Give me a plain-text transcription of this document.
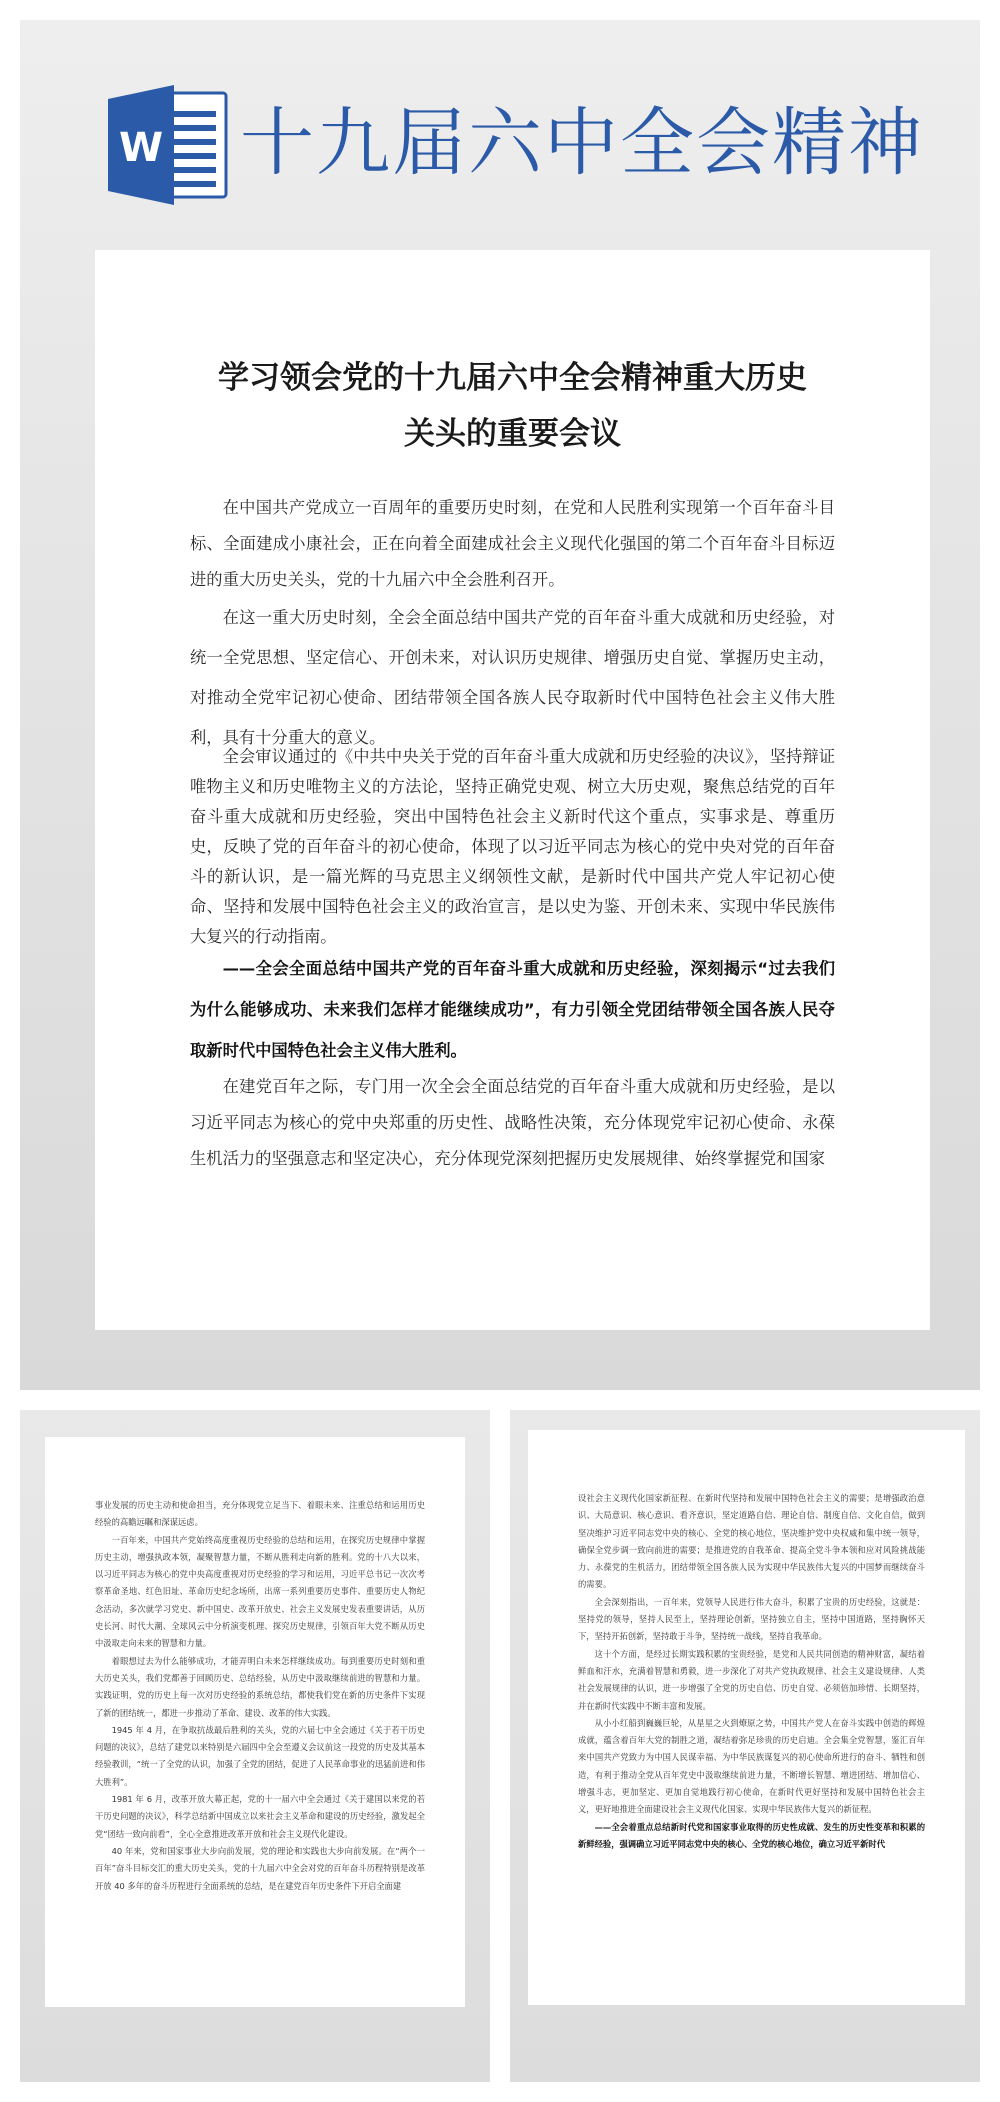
W 十九届六中全会精神
学习领会党的十九届六中全会精神重大历史
关头的重要会议

在中国共产党成立一百周年的重要历史时刻，在党和人民胜利实现第一个百年奋斗目标、全面建成小康社会，正在向着全面建成社会主义现代化强国的第二个百年奋斗目标迈进的重大历史关头，党的十九届六中全会胜利召开。

在这一重大历史时刻，全会全面总结中国共产党的百年奋斗重大成就和历史经验，对统一全党思想、坚定信心、开创未来，对认识历史规律、增强历史自觉、掌握历史主动，对推动全党牢记初心使命、团结带领全国各族人民夺取新时代中国特色社会主义伟大胜利，具有十分重大的意义。

全会审议通过的《中共中央关于党的百年奋斗重大成就和历史经验的决议》，坚持辩证唯物主义和历史唯物主义的方法论，坚持正确党史观、树立大历史观，聚焦总结党的百年奋斗重大成就和历史经验，突出中国特色社会主义新时代这个重点，实事求是、尊重历史，反映了党的百年奋斗的初心使命，体现了以习近平同志为核心的党中央对党的百年奋斗的新认识，是一篇光辉的马克思主义纲领性文献，是新时代中国共产党人牢记初心使命、坚持和发展中国特色社会主义的政治宣言，是以史为鉴、开创未来、实现中华民族伟大复兴的行动指南。

——全会全面总结中国共产党的百年奋斗重大成就和历史经验，深刻揭示“过去我们为什么能够成功、未来我们怎样才能继续成功”，有力引领全党团结带领全国各族人民夺取新时代中国特色社会主义伟大胜利。

在建党百年之际，专门用一次全会全面总结党的百年奋斗重大成就和历史经验，是以习近平同志为核心的党中央郑重的历史性、战略性决策，充分体现党牢记初心使命、永葆生机活力的坚强意志和坚定决心，充分体现党深刻把握历史发展规律、始终掌握党和国家

事业发展的历史主动和使命担当，充分体现党立足当下、着眼未来、注重总结和运用历史经验的高瞻远瞩和深谋远虑。

一百年来，中国共产党始终高度重视历史经验的总结和运用，在探究历史规律中掌握历史主动，增强执政本领，凝聚智慧力量，不断从胜利走向新的胜利。党的十八大以来，以习近平同志为核心的党中央高度重视对历史经验的学习和运用，习近平总书记一次次考察革命圣地、红色旧址、革命历史纪念场所，出席一系列重要历史事件、重要历史人物纪念活动，多次就学习党史、新中国史、改革开放史、社会主义发展史发表重要讲话，从历史长河、时代大潮、全球风云中分析演变机理、探究历史规律，引领百年大党不断从历史中汲取走向未来的智慧和力量。

着眼想过去为什么能够成功，才能弄明白未来怎样继续成功。每到重要历史时刻和重大历史关头，我们党都善于回顾历史、总结经验，从历史中汲取继续前进的智慧和力量。实践证明，党的历史上每一次对历史经验的系统总结，都使我们党在新的历史条件下实现了新的团结统一，都进一步推动了革命、建设、改革的伟大实践。

1945 年 4 月，在争取抗战最后胜利的关头，党的六届七中全会通过《关于若干历史问题的决议》，总结了建党以来特别是六届四中全会至遵义会议前这一段党的历史及其基本经验教训，“统一了全党的认识，加强了全党的团结，促进了人民革命事业的迅猛前进和伟大胜利”。

1981 年 6 月，改革开放大幕正起，党的十一届六中全会通过《关于建国以来党的若干历史问题的决议》，科学总结新中国成立以来社会主义革命和建设的历史经验，激发起全党“团结一致向前看”，全心全意推进改革开放和社会主义现代化建设。

40 年来，党和国家事业大步向前发展，党的理论和实践也大步向前发展。在“两个一百年”奋斗目标交汇的重大历史关头，党的十九届六中全会对党的百年奋斗历程特别是改革开放 40 多年的奋斗历程进行全面系统的总结，是在建党百年历史条件下开启全面建

设社会主义现代化国家新征程、在新时代坚持和发展中国特色社会主义的需要；是增强政治意识、大局意识、核心意识、看齐意识，坚定道路自信、理论自信、制度自信、文化自信，做到坚决维护习近平同志党中央的核心、全党的核心地位，坚决维护党中央权威和集中统一领导，确保全党步调一致向前进的需要；是推进党的自我革命、提高全党斗争本领和应对风险挑战能力、永葆党的生机活力，团结带领全国各族人民为实现中华民族伟大复兴的中国梦而继续奋斗的需要。

全会深刻指出，一百年来，党领导人民进行伟大奋斗，积累了宝贵的历史经验，这就是：坚持党的领导，坚持人民至上，坚持理论创新，坚持独立自主，坚持中国道路，坚持胸怀天下，坚持开拓创新，坚持敢于斗争，坚持统一战线，坚持自我革命。

这十个方面，是经过长期实践积累的宝贵经验，是党和人民共同创造的精神财富，凝结着鲜血和汗水，充满着智慧和勇毅，进一步深化了对共产党执政规律、社会主义建设规律、人类社会发展规律的认识，进一步增强了全党的历史自信、历史自觉、必须倍加珍惜、长期坚持，并在新时代实践中不断丰富和发展。

从小小红船到巍巍巨轮，从星星之火到燎原之势，中国共产党人在奋斗实践中创造的辉煌成就，蕴含着百年大党的制胜之道，凝结着弥足珍贵的历史启迪。全会集全党智慧，鉴汇百年来中国共产党致力为中国人民谋幸福、为中华民族谋复兴的初心使命所进行的奋斗、牺牲和创造，有利于推动全党从百年党史中汲取继续前进力量，不断增长智慧、增进团结、增加信心、增强斗志，更加坚定、更加自觉地践行初心使命，在新时代更好坚持和发展中国特色社会主义，更好地推进全面建设社会主义现代化国家、实现中华民族伟大复兴的新征程。

——全会着重点总结新时代党和国家事业取得的历史性成就、发生的历史性变革和积累的新鲜经验，强调确立习近平同志党中央的核心、全党的核心地位，确立习近平新时代
